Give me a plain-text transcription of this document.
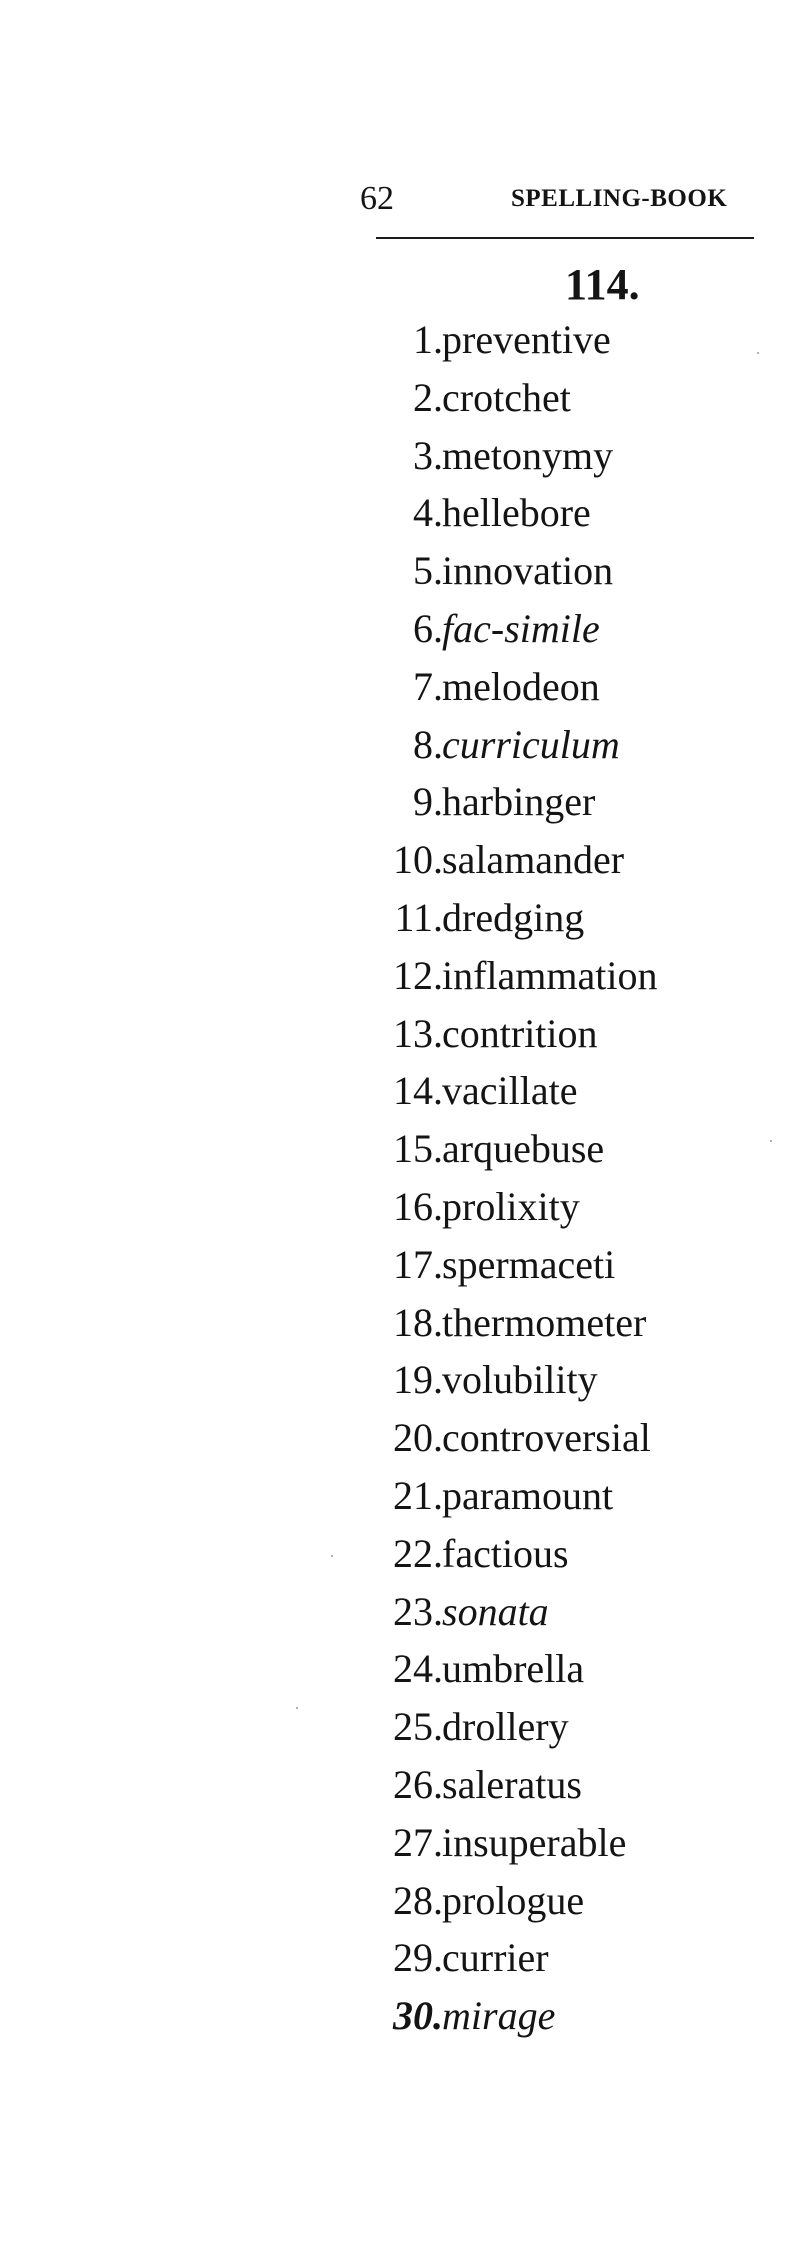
62	SPELLING-BOOK
114.
1. preventive
2. crotchet
3. metonymy
4. hellebore
5. innovation
6. fac-simile
7. melodeon
8. curriculum
9. harbinger
10. salamander
11. dredging
12. inflammation
13. contrition
14. vacillate
15. arquebuse
16. prolixity
17. spermaceti
18. thermometer
19. volubility
20. controversial
21. paramount
22. factious
23. sonata
24. umbrella
25. drollery
26. saleratus
27. insuperable
28. prologue
29. currier
30. mirage
